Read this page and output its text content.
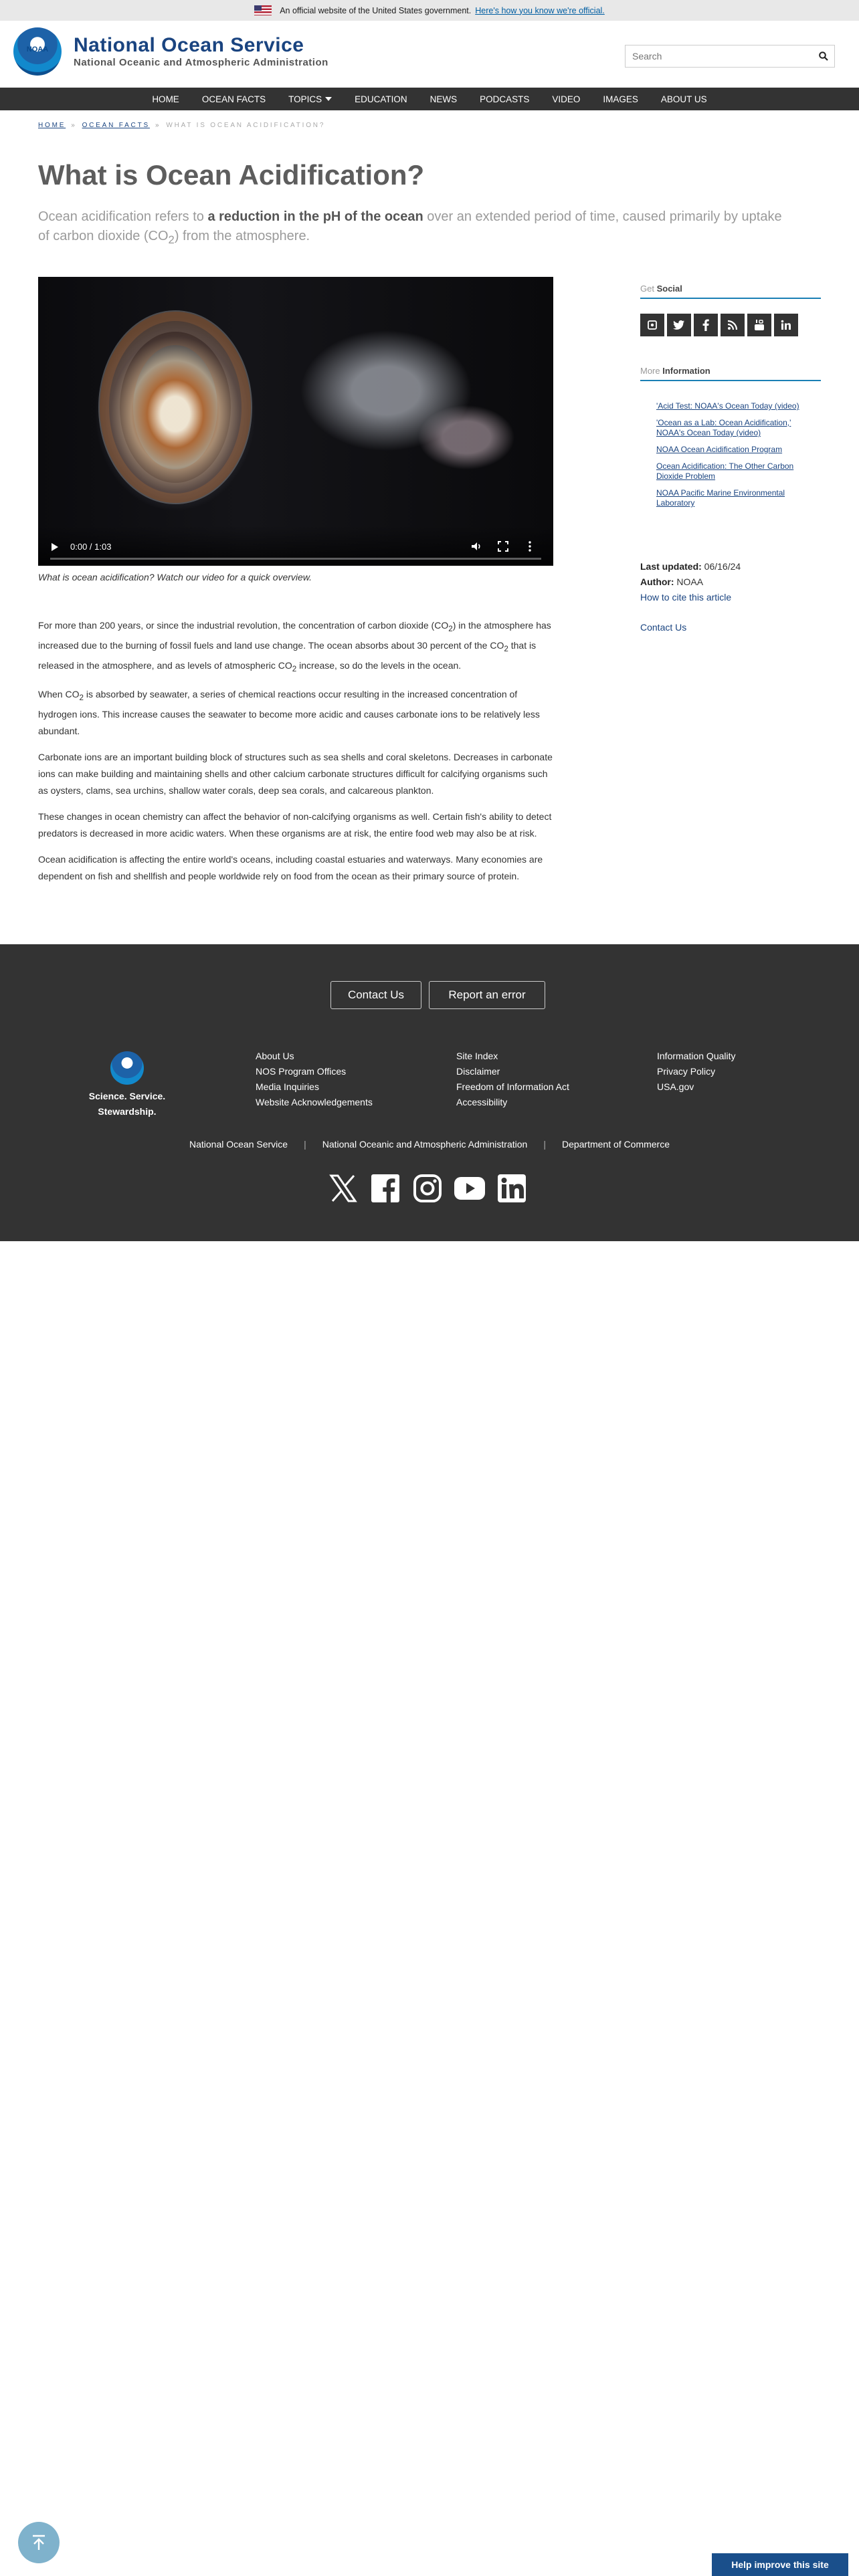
An official website of the United States government. Here's how you know we're official.
NOAA National Ocean Service
National Oceanic and Atmospheric Administration
Search
HOME	OCEAN FACTS	TOPICS	EDUCATION	NEWS	PODCASTS	VIDEO	IMAGES	ABOUT US
HOME » OCEAN FACTS » WHAT IS OCEAN ACIDIFICATION?
What is Ocean Acidification?

Ocean acidification refers to a reduction in the pH of the ocean over an extended period of time, caused primarily by uptake of carbon dioxide $(CO_2)$ from the atmosphere.

0:00 / 1:03

What is ocean acidification? Watch our video for a quick overview.

For more than 200 years, or since the industrial revolution, the concentration of carbon dioxide $(CO_2)$ in the atmosphere has increased due to the burning of fossil fuels and land use change. The ocean absorbs about 30 percent of the $CO_2$ that is released in the atmosphere, and as levels of atmospheric $CO_2$ increase, so do the levels in the ocean.

When $CO_2$ is absorbed by seawater, a series of chemical reactions occur resulting in the increased concentration of hydrogen ions. This increase causes the seawater to become more acidic and causes carbonate ions to be relatively less abundant.

Carbonate ions are an important building block of structures such as sea shells and coral skeletons. Decreases in carbonate ions can make building and maintaining shells and other calcium carbonate structures difficult for calcifying organisms such as oysters, clams, sea urchins, shallow water corals, deep sea corals, and calcareous plankton.

These changes in ocean chemistry can affect the behavior of non-calcifying organisms as well. Certain fish's ability to detect predators is decreased in more acidic waters. When these organisms are at risk, the entire food web may also be at risk.

Ocean acidification is affecting the entire world's oceans, including coastal estuaries and waterways. Many economies are dependent on fish and shellfish and people worldwide rely on food from the ocean as their primary source of protein.

Get Social
More Information
'Acid Test: NOAA's Ocean Today (video)
'Ocean as a Lab: Ocean Acidification,' NOAA's Ocean Today (video)
NOAA Ocean Acidification Program
Ocean Acidification: The Other Carbon Dioxide Problem
NOAA Pacific Marine Environmental Laboratory
Last updated: 06/16/24
Author: NOAA
How to cite this article
Contact Us
Contact Us	Report an error
Science. Service.
Stewardship.
About Us
NOS Program Offices
Media Inquiries
Website Acknowledgements
Site Index
Disclaimer
Freedom of Information Act
Accessibility
Information Quality
Privacy Policy
USA.gov
National Ocean Service | National Oceanic and Atmospheric Administration | Department of Commerce
Help improve this site
